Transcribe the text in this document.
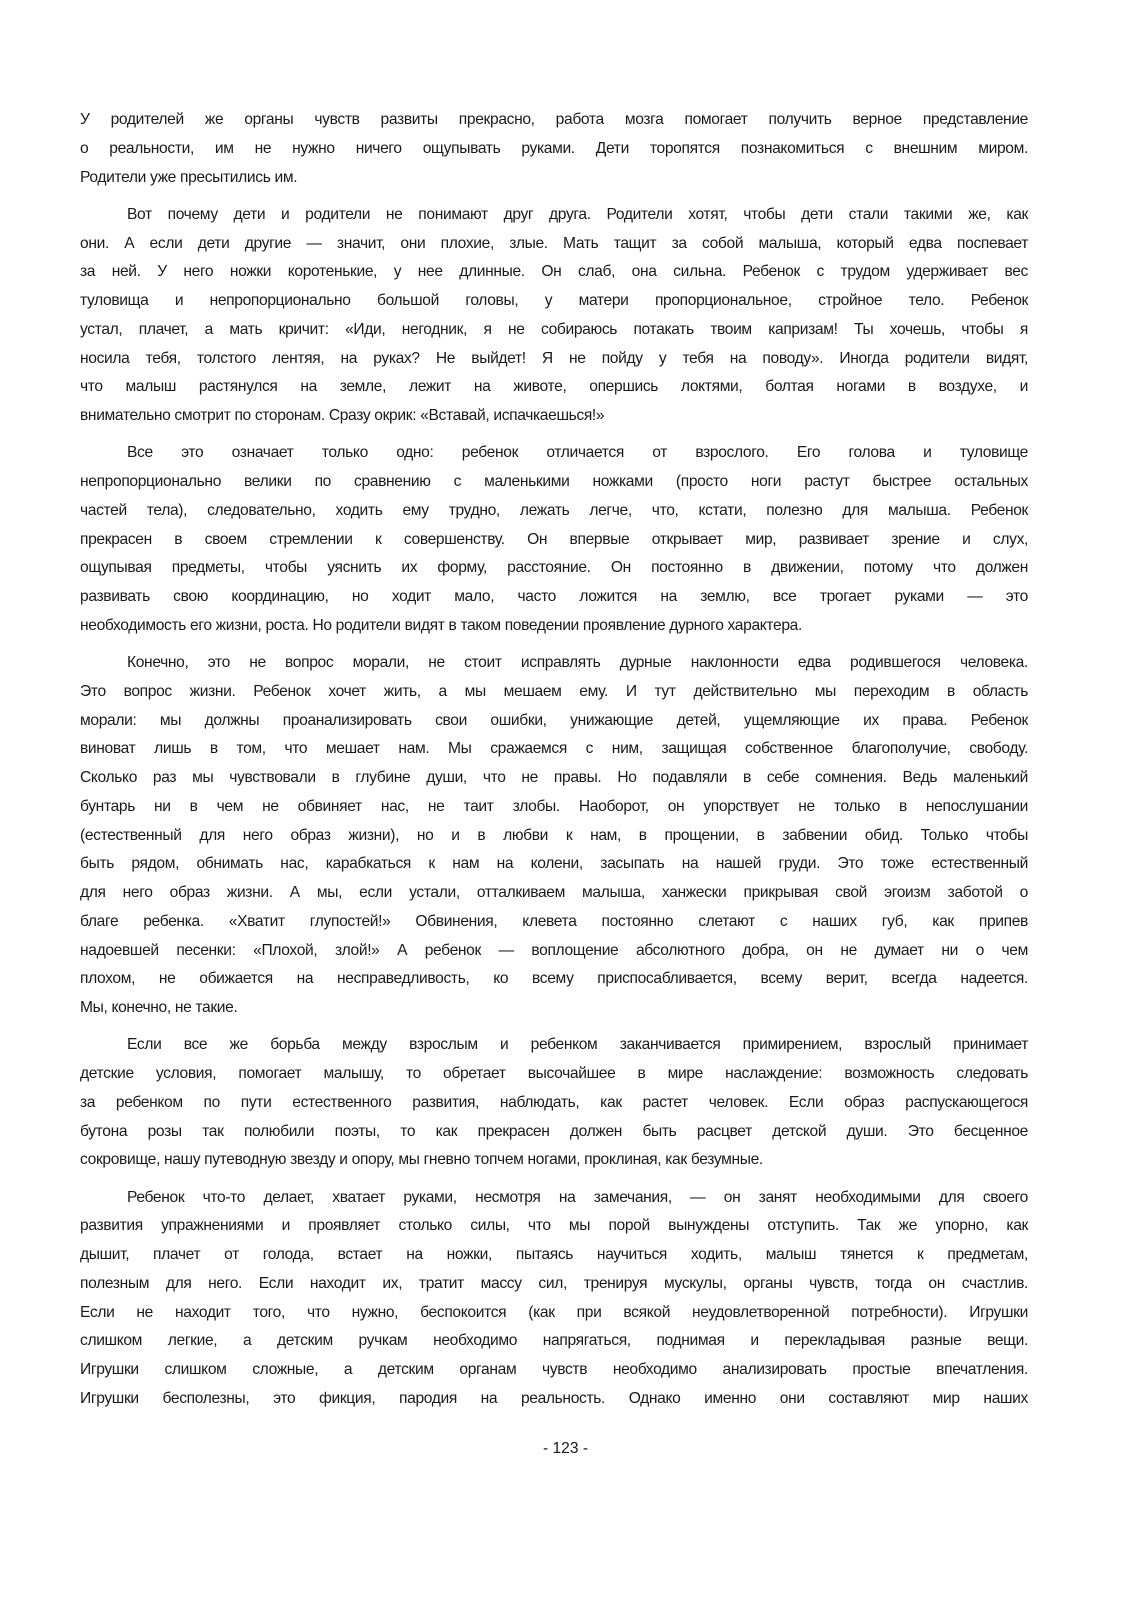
У родителей же органы чувств развиты прекрасно, работа мозга помогает получить верное представление
о реальности, им не нужно ничего ощупывать руками. Дети торопятся познакомиться с внешним миром.
Родители уже пресытились им.
Вот почему дети и родители не понимают друг друга. Родители хотят, чтобы дети стали такими же, как
они. А если дети другие — значит, они плохие, злые. Мать тащит за собой малыша, который едва поспевает
за ней. У него ножки коротенькие, у нее длинные. Он слаб, она сильна. Ребенок с трудом удерживает вес
туловища и непропорционально большой головы, у матери пропорциональное, стройное тело. Ребенок
устал, плачет, а мать кричит: «Иди, негодник, я не собираюсь потакать твоим капризам! Ты хочешь, чтобы я
носила тебя, толстого лентяя, на руках? Не выйдет! Я не пойду у тебя на поводу». Иногда родители видят,
что малыш растянулся на земле, лежит на животе, опершись локтями, болтая ногами в воздухе, и
внимательно смотрит по сторонам. Сразу окрик: «Вставай, испачкаешься!»
Все это означает только одно: ребенок отличается от взрослого. Его голова и туловище
непропорционально велики по сравнению с маленькими ножками (просто ноги растут быстрее остальных
частей тела), следовательно, ходить ему трудно, лежать легче, что, кстати, полезно для малыша. Ребенок
прекрасен в своем стремлении к совершенству. Он впервые открывает мир, развивает зрение и слух,
ощупывая предметы, чтобы уяснить их форму, расстояние. Он постоянно в движении, потому что должен
развивать свою координацию, но ходит мало, часто ложится на землю, все трогает руками — это
необходимость его жизни, роста. Но родители видят в таком поведении проявление дурного характера.
Конечно, это не вопрос морали, не стоит исправлять дурные наклонности едва родившегося человека.
Это вопрос жизни. Ребенок хочет жить, а мы мешаем ему. И тут действительно мы переходим в область
морали: мы должны проанализировать свои ошибки, унижающие детей, ущемляющие их права. Ребенок
виноват лишь в том, что мешает нам. Мы сражаемся с ним, защищая собственное благополучие, свободу.
Сколько раз мы чувствовали в глубине души, что не правы. Но подавляли в себе сомнения. Ведь маленький
бунтарь ни в чем не обвиняет нас, не таит злобы. Наоборот, он упорствует не только в непослушании
(естественный для него образ жизни), но и в любви к нам, в прощении, в забвении обид. Только чтобы
быть рядом, обнимать нас, карабкаться к нам на колени, засыпать на нашей груди. Это тоже естественный
для него образ жизни. А мы, если устали, отталкиваем малыша, ханжески прикрывая свой эгоизм заботой о
благе ребенка. «Хватит глупостей!» Обвинения, клевета постоянно слетают с наших губ, как припев
надоевшей песенки: «Плохой, злой!» А ребенок — воплощение абсолютного добра, он не думает ни о чем
плохом, не обижается на несправедливость, ко всему приспосабливается, всему верит, всегда надеется.
Мы, конечно, не такие.
Если все же борьба между взрослым и ребенком заканчивается примирением, взрослый принимает
детские условия, помогает малышу, то обретает высочайшее в мире наслаждение: возможность следовать
за ребенком по пути естественного развития, наблюдать, как растет человек. Если образ распускающегося
бутона розы так полюбили поэты, то как прекрасен должен быть расцвет детской души. Это бесценное
сокровище, нашу путеводную звезду и опору, мы гневно топчем ногами, проклиная, как безумные.
Ребенок что-то делает, хватает руками, несмотря на замечания, — он занят необходимыми для своего
развития упражнениями и проявляет столько силы, что мы порой вынуждены отступить. Так же упорно, как
дышит, плачет от голода, встает на ножки, пытаясь научиться ходить, малыш тянется к предметам,
полезным для него. Если находит их, тратит массу сил, тренируя мускулы, органы чувств, тогда он счастлив.
Если не находит того, что нужно, беспокоится (как при всякой неудовлетворенной потребности). Игрушки
слишком легкие, а детским ручкам необходимо напрягаться, поднимая и перекладывая разные вещи.
Игрушки слишком сложные, а детским органам чувств необходимо анализировать простые впечатления.
Игрушки бесполезны, это фикция, пародия на реальность. Однако именно они составляют мир наших
- 123 -
